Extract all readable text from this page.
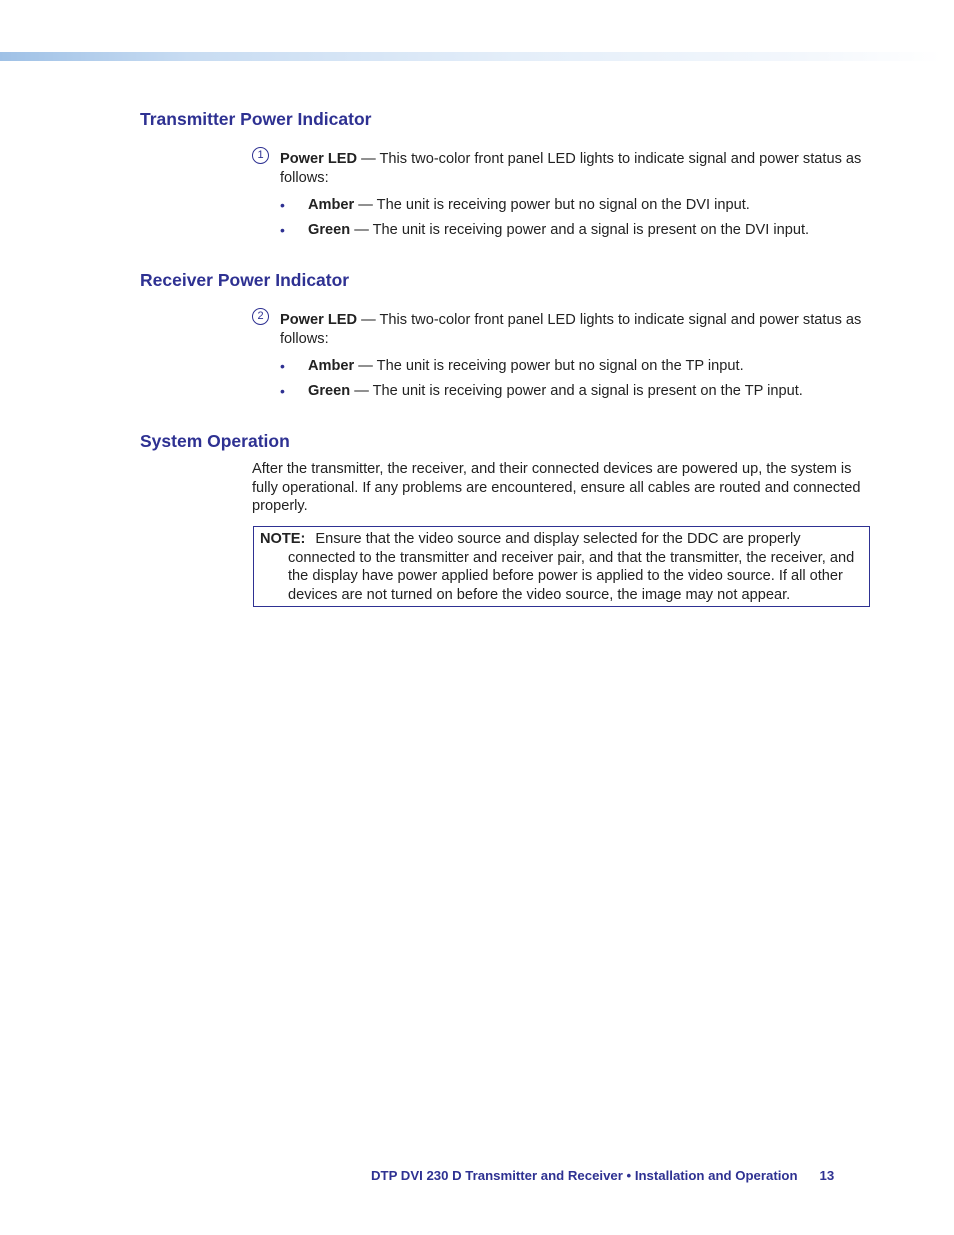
Transmitter Power Indicator
1	Power LED — This two-color front panel LED lights to indicate signal and power status as follows:
• Amber — The unit is receiving power but no signal on the DVI input.
• Green — The unit is receiving power and a signal is present on the DVI input.
Receiver Power Indicator
2	Power LED — This two-color front panel LED lights to indicate signal and power status as follows:
• Amber — The unit is receiving power but no signal on the TP input.
• Green — The unit is receiving power and a signal is present on the TP input.
System Operation
After the transmitter, the receiver, and their connected devices are powered up, the system is fully operational. If any problems are encountered, ensure all cables are routed and connected properly.
NOTE: Ensure that the video source and display selected for the DDC are properly connected to the transmitter and receiver pair, and that the transmitter, the receiver, and the display have power applied before power is applied to the video source. If all other devices are not turned on before the video source, the image may not appear.
DTP DVI 230 D Transmitter and Receiver • Installation and Operation 13
